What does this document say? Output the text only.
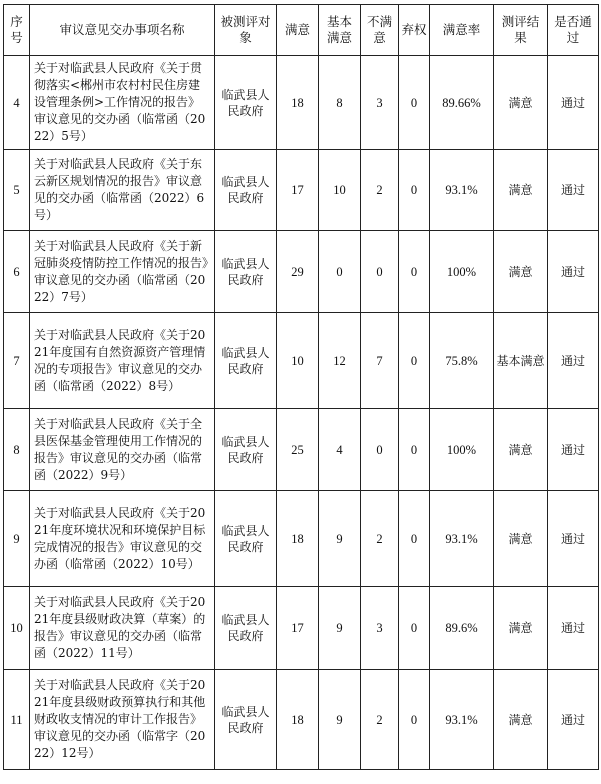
序号	审议意见交办事项名称	被测评对象	满意	基本满意	不满意	弃权	满意率	测评结果	是否通过
4	关于对临武县人民政府《关于贯彻落实<郴州市农村村民住房建设管理条例>工作情况的报告》审议意见的交办函（临常函（2022）5号）	临武县人民政府	18	8	3	0	89.66%	满意	通过
5	关于对临武县人民政府《关于东云新区规划情况的报告》审议意见的交办函（临常函（2022）6号）	临武县人民政府	17	10	2	0	93.1%	满意	通过
6	关于对临武县人民政府《关于新冠肺炎疫情防控工作情况的报告》审议意见的交办函（临常函（2022）7号）	临武县人民政府	29	0	0	0	100%	满意	通过
7	关于对临武县人民政府《关于2021年度国有自然资源资产管理情况的专项报告》审议意见的交办函（临常函（2022）8号）	临武县人民政府	10	12	7	0	75.8%	基本满意	通过
8	关于对临武县人民政府《关于全县医保基金管理使用工作情况的报告》审议意见的交办函（临常函（2022）9号）	临武县人民政府	25	4	0	0	100%	满意	通过
9	关于对临武县人民政府《关于2021年度环境状况和环境保护目标完成情况的报告》审议意见的交办函（临常函（2022）10号）	临武县人民政府	18	9	2	0	93.1%	满意	通过
10	关于对临武县人民政府《关于2021年度县级财政决算（草案）的报告》审议意见的交办函（临常函（2022）11号）	临武县人民政府	17	9	3	0	89.6%	满意	通过
11	关于对临武县人民政府《关于2021年度县级财政预算执行和其他财政收支情况的审计工作报告》审议意见的交办函（临常字（2022）12号）	临武县人民政府	18	9	2	0	93.1%	满意	通过
